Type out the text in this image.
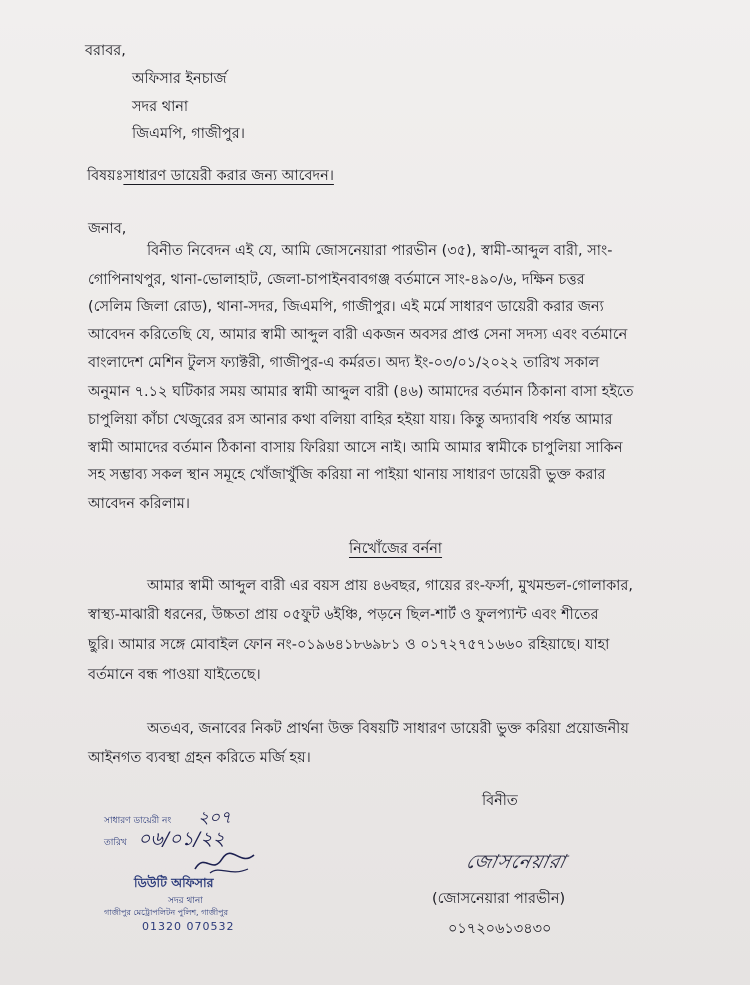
বরাবর,
অফিসার ইনচার্জ
সদর থানা
জিএমপি, গাজীপুর।
বিষয়ঃসাধারণ ডায়েরী করার জন্য আবেদন।
জনাব,
বিনীত নিবেদন এই যে, আমি জোসনেয়ারা পারভীন (৩৫), স্বামী-আব্দুল বারী, সাং-
গোপিনাথপুর, থানা-ভোলাহাট, জেলা-চাপাইনবাবগঞ্জ বর্তমানে সাং-৪৯০/৬, দক্ষিন চত্তর
(সেলিম জিলা রোড), থানা-সদর, জিএমপি, গাজীপুর। এই মর্মে সাধারণ ডায়েরী করার জন্য
আবেদন করিতেছি যে, আমার স্বামী আব্দুল বারী একজন অবসর প্রাপ্ত সেনা সদস্য এবং বর্তমানে
বাংলাদেশ মেশিন টুলস ফ্যাক্টরী, গাজীপুর-এ কর্মরত। অদ্য ইং-০৩/০১/২০২২ তারিখ সকাল
অনুমান ৭.১২ ঘটিকার সময় আমার স্বামী আব্দুল বারী (৪৬) আমাদের বর্তমান ঠিকানা বাসা হইতে
চাপুলিয়া কাঁচা খেজুরের রস আনার কথা বলিয়া বাহির হইয়া যায়। কিন্তু অদ্যাবধি পর্যন্ত আমার
স্বামী আমাদের বর্তমান ঠিকানা বাসায় ফিরিয়া আসে নাই। আমি আমার স্বামীকে চাপুলিয়া সাকিন
সহ সম্ভাব্য সকল স্থান সমূহে খোঁজাখুঁজি করিয়া না পাইয়া থানায় সাধারণ ডায়েরী ভুক্ত করার
আবেদন করিলাম।
নিখোঁজের বর্ননা
আমার স্বামী আব্দুল বারী এর বয়স প্রায় ৪৬বছর, গায়ের রং-ফর্সা, মুখমন্ডল-গোলাকার,
স্বাস্থ্য-মাঝারী ধরনের, উচ্চতা প্রায় ০৫ফুট ৬ইঞ্চি, পড়নে ছিল-শার্ট ও ফুলপ্যান্ট এবং শীতের
ছুরি। আমার সঙ্গে মোবাইল ফোন নং-০১৯৬৪১৮৬৯৮১ ও ০১৭২৭৫৭১৬৬০ রহিয়াছে। যাহা
বর্তমানে বন্ধ পাওয়া যাইতেছে।
অতএব, জনাবের নিকট প্রার্থনা উক্ত বিষয়টি সাধারণ ডায়েরী ভুক্ত করিয়া প্রয়োজনীয়
আইনগত ব্যবস্থা গ্রহন করিতে মর্জি হয়।
বিনীত
জোসনেয়ারা
(জোসনেয়ারা পারভীন)
০১৭২০৬১৩৪৩০
সাধারণ ডায়েরী নং ২০৭
তারিখ ০৬/০১/২২
ডিউটি অফিসার
সদর থানা
গাজীপুর মেট্রোপলিটন পুলিশ, গাজীপুর
01320 070532
